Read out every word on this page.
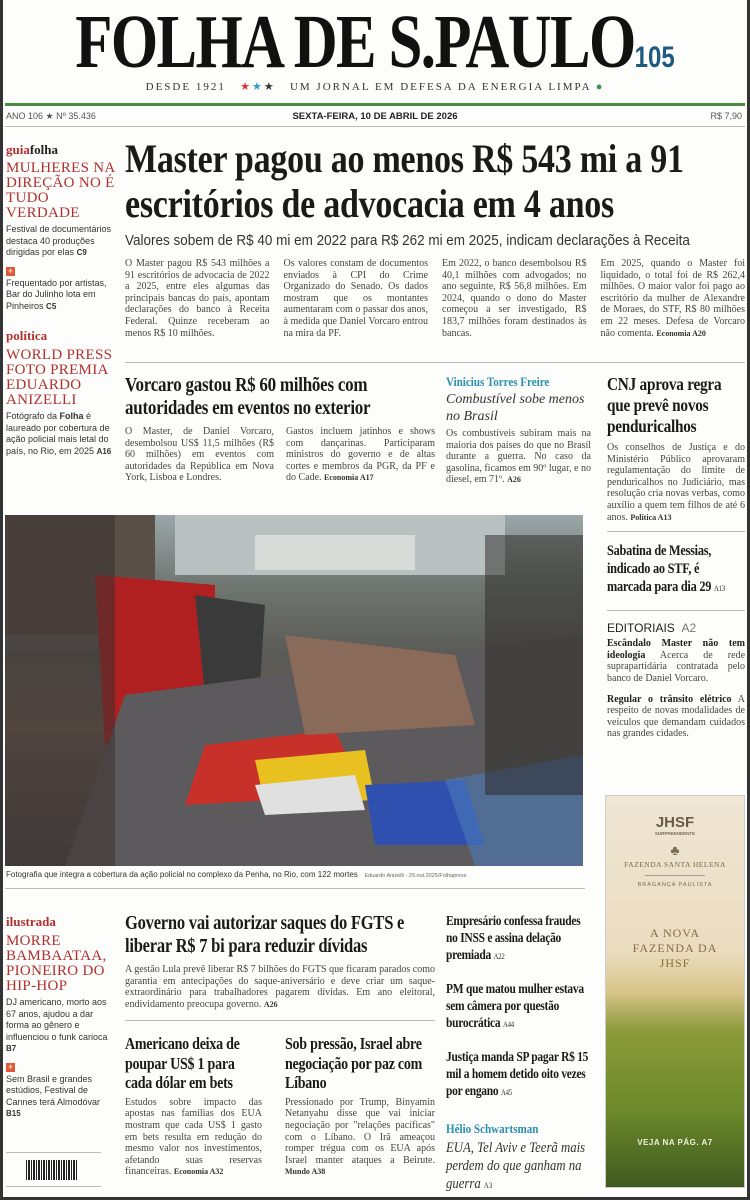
FOLHA DE S.PAULO105
DESDE 1921 ★★★ UM JORNAL EM DEFESA DA ENERGIA LIMPA ●
ANO 106 ★ Nº 35.436	SEXTA-FEIRA, 10 DE ABRIL DE 2026	R$ 7,90
guiafolha
MULHERES NA DIREÇÃO NO É TUDO VERDADE
Festival de documentários destaca 40 produções dirigidas por elas C9
+
Frequentado por artistas, Bar do Julinho lota em Pinheiros C5
política
WORLD PRESS FOTO PREMIA EDUARDO ANIZELLI
Fotógrafo da Folha é laureado por cobertura de ação policial mais letal do país, no Rio, em 2025 A16
Master pagou ao menos R$ 543 mi a 91 escritórios de advocacia em 4 anos
Valores sobem de R$ 40 mi em 2022 para R$ 262 mi em 2025, indicam declarações à Receita
O Master pagou R$ 543 milhões a 91 escritórios de advocacia de 2022 a 2025, entre eles algumas das principais bancas do país, apontam declarações do banco à Receita Federal. Quinze receberam ao menos R$ 10 milhões.
Os valores constam de documentos enviados à CPI do Crime Organizado do Senado. Os dados mostram que os montantes aumentaram com o passar dos anos, à medida que Daniel Vorcaro entrou na mira da PF.
Em 2022, o banco desembolsou R$ 40,1 milhões com advogados; no ano seguinte, R$ 56,8 milhões. Em 2024, quando o dono do Master começou a ser investigado, R$ 183,7 milhões foram destinados às bancas.
Em 2025, quando o Master foi liquidado, o total foi de R$ 262,4 milhões. O maior valor foi pago ao escritório da mulher de Alexandre de Moraes, do STF, R$ 80 milhões em 22 meses. Defesa de Vorcaro não comenta. Economia A20
Vorcaro gastou R$ 60 milhões com autoridades em eventos no exterior
O Master, de Daniel Vorcaro, desembolsou US$ 11,5 milhões (R$ 60 milhões) em eventos com autoridades da República em Nova York, Lisboa e Londres.
Gastos incluem jatinhos e shows com dançarinas. Participaram ministros do governo e de altas cortes e membros da PGR, da PF e do Cade. Economia A17
Vinicius Torres Freire
Combustível sobe menos no Brasil
Os combustíveis subiram mais na maioria dos países do que no Brasil durante a guerra. No caso da gasolina, ficamos em 90º lugar, e no diesel, em 71º. A26
CNJ aprova regra que prevê novos penduricalhos
Os conselhos de Justiça e do Ministério Público aprovaram regulamentação do limite de penduricalhos no Judiciário, mas resolução cria novas verbas, como auxílio a quem tem filhos de até 6 anos. Política A13
Sabatina de Messias, indicado ao STF, é marcada para dia 29 A13
EDITORIAIS A2
Escândalo Master não tem ideologia Acerca de rede suprapartidária contratada pelo banco de Daniel Vorcaro.
Regular o trânsito elétrico A respeito de novas modalidades de veículos que demandam cuidados nas grandes cidades.
Fotografia que integra a cobertura da ação policial no complexo da Penha, no Rio, com 122 mortes Eduardo Anizelli · 29.out.2025/Folhapress
JHSF
SURPREENDENTE
♣
FAZENDA SANTA HELENA
BRAGANÇA PAULISTA
A NOVA FAZENDA DA JHSF
VEJA NA PÁG. A7
ilustrada
MORRE BAMBAATAA, PIONEIRO DO HIP-HOP
DJ americano, morto aos 67 anos, ajudou a dar forma ao gênero e influenciou o funk carioca B7
+
Sem Brasil e grandes estúdios, Festival de Cannes terá Almodóvar B15
Governo vai autorizar saques do FGTS e liberar R$ 7 bi para reduzir dívidas
A gestão Lula prevê liberar R$ 7 bilhões do FGTS que ficaram parados como garantia em antecipações do saque-aniversário e deve criar um saque-extraordinário para trabalhadores pagarem dívidas. Em ano eleitoral, endividamento preocupa governo. A26
Americano deixa de poupar US$ 1 para cada dólar em bets
Estudos sobre impacto das apostas nas famílias dos EUA mostram que cada US$ 1 gasto em bets resulta em redução do mesmo valor nos investimentos, afetando suas reservas financeiras. Economia A32
Sob pressão, Israel abre negociação por paz com Líbano
Pressionado por Trump, Binyamin Netanyahu disse que vai iniciar negociação por "relações pacíficas" com o Líbano. O Irã ameaçou romper trégua com os EUA após Israel manter ataques a Beirute. Mundo A38
Empresário confessa fraudes no INSS e assina delação premiada A22
PM que matou mulher estava sem câmera por questão burocrática A44
Justiça manda SP pagar R$ 15 mil a homem detido oito vezes por engano A45
Hélio Schwartsman
EUA, Tel Aviv e Teerã mais perdem do que ganham na guerra A3
